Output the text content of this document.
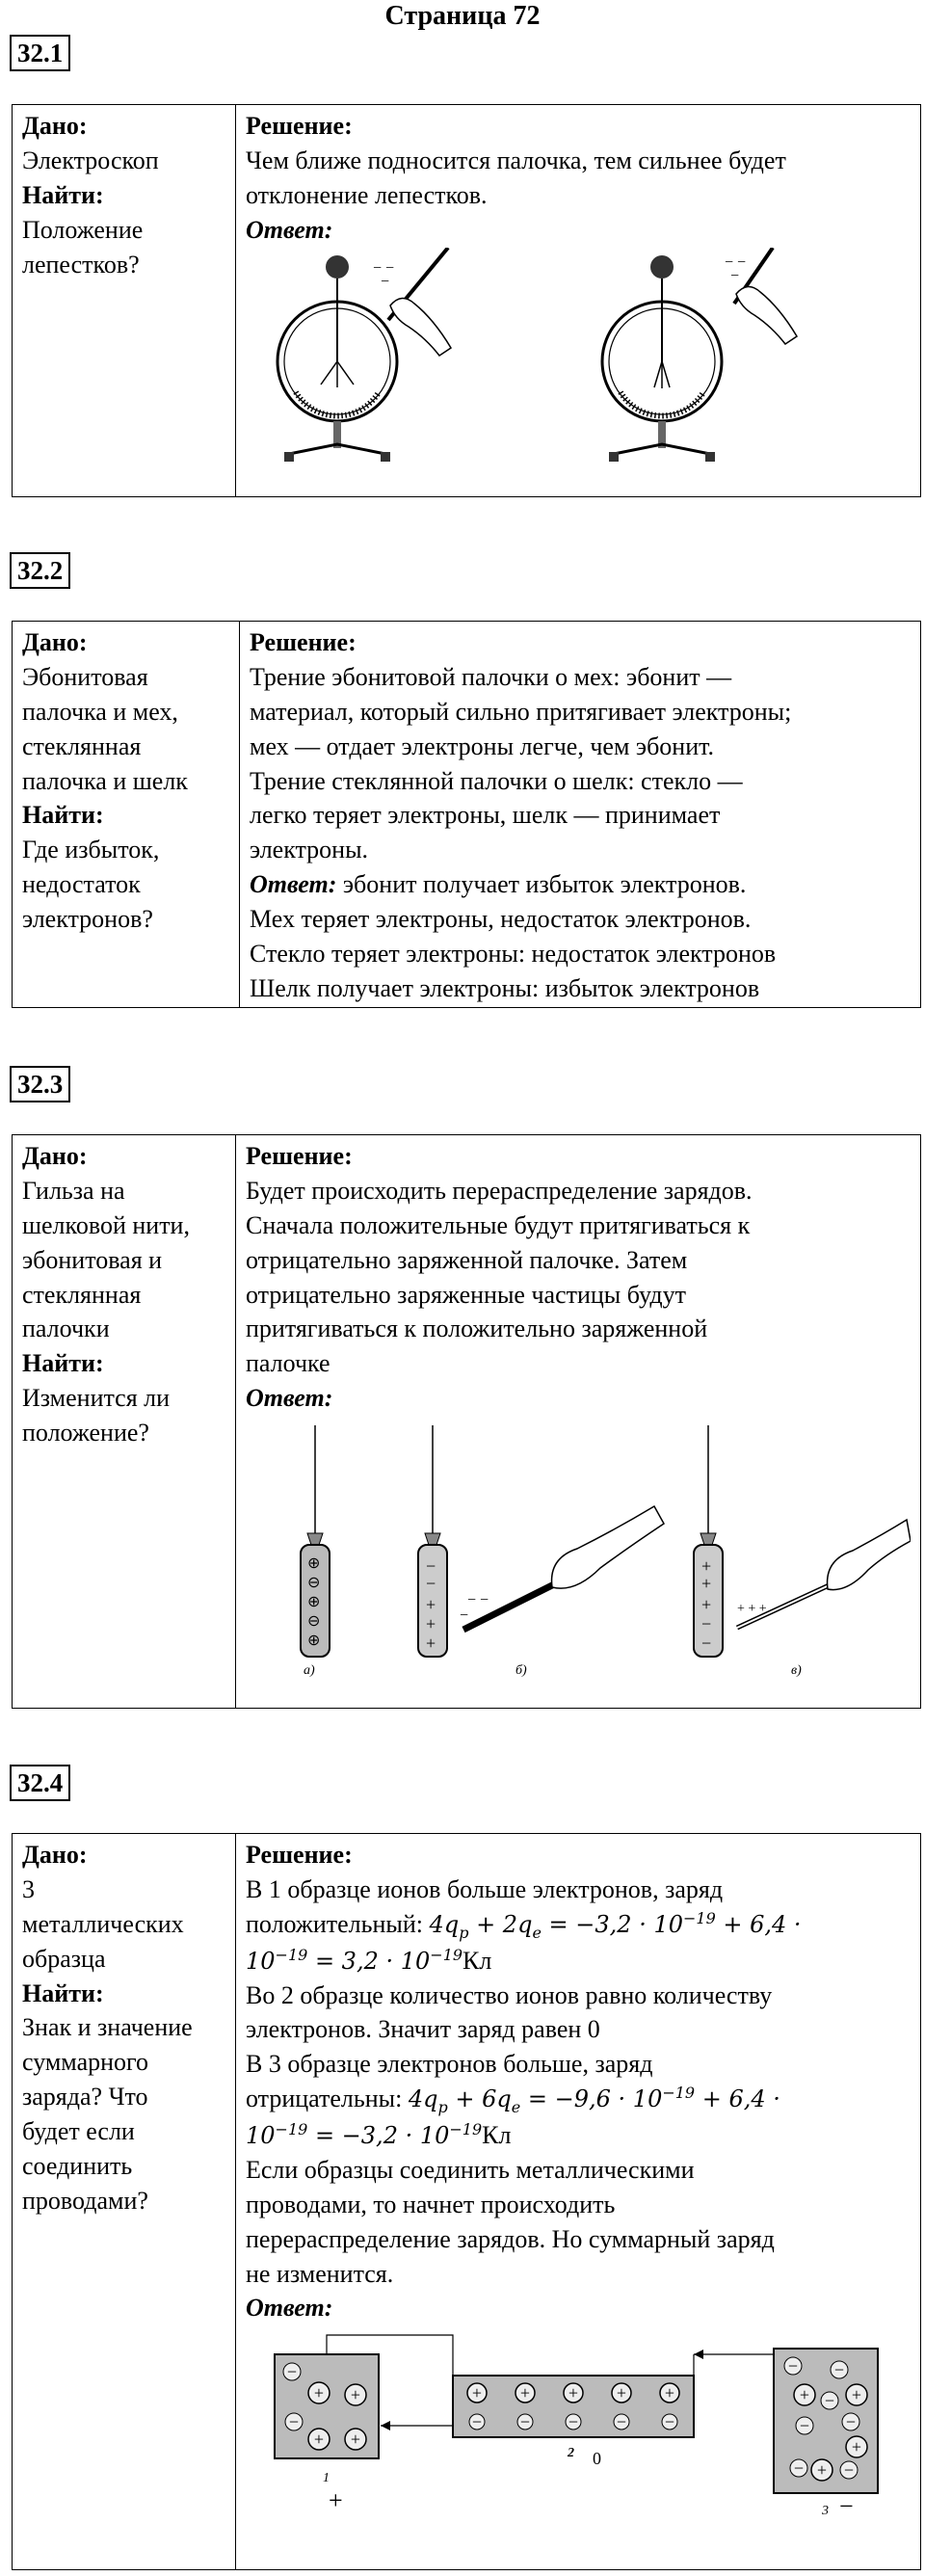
Страница 72
32.1
Дано:
Электроскоп
Найти:
Положение
лепестков?
Решение:
Чем ближе подносится палочка, тем сильнее будет
отклонение лепестков.
Ответ:
− −
−
− −
−
32.2
Дано:
Эбонитовая
палочка и мех,
стеклянная
палочка и шелк
Найти:
Где избыток,
недостаток
электронов?
Решение:
Трение эбонитовой палочки о мех: эбонит —
материал, который сильно притягивает электроны;
мех — отдает электроны легче, чем эбонит.
Трение стеклянной палочки о шелк: стекло —
легко теряет электроны, шелк — принимает
электроны.
Ответ: эбонит получает избыток электронов.
Мех теряет электроны, недостаток электронов.
Стекло теряет электроны: недостаток электронов
Шелк получает электроны: избыток электронов
32.3
Дано:
Гильза на
шелковой нити,
эбонитовая и
стеклянная
палочки
Найти:
Изменится ли
положение?
Решение:
Будет происходить перераспределение зарядов.
Сначала положительные будут притягиваться к
отрицательно заряженной палочке. Затем
отрицательно заряженные частицы будут
притягиваться к положительно заряженной
палочке
Ответ:
⊕
⊖
⊕
⊖
⊕
а)
−
−
+
+
+
− −
−
б)
+
+
+
−
−
+ + +
в)
32.4
Дано:
3
металлических
образца
Найти:
Знак и значение
суммарного
заряда? Что
будет если
соединить
проводами?
Решение:
В 1 образце ионов больше электронов, заряд
положительный: $4q_p + 2q_e = -3,2 \cdot 10^{-19} + 6,4$ ·
$10^{-19} = 3,2 \cdot 10^{-19}Кл$
Во 2 образце количество ионов равно количеству
электронов. Значит заряд равен 0
В 3 образце электронов больше, заряд
отрицательны: $4q_p + 6q_e = -9,6 \cdot 10^{-19} + 6,4$ ·
$10^{-19} = -3,2 \cdot 10^{-19}Кл$
Если образцы соединить металлическими
проводами, то начнет происходить
перераспределение зарядов. Но суммарный заряд
не изменится.
Ответ:
−
+ +
−
+ +
+ + + + +
− − − − −
− −
+ − +
−
−
+
− + −
1
+
2 0
3 −
